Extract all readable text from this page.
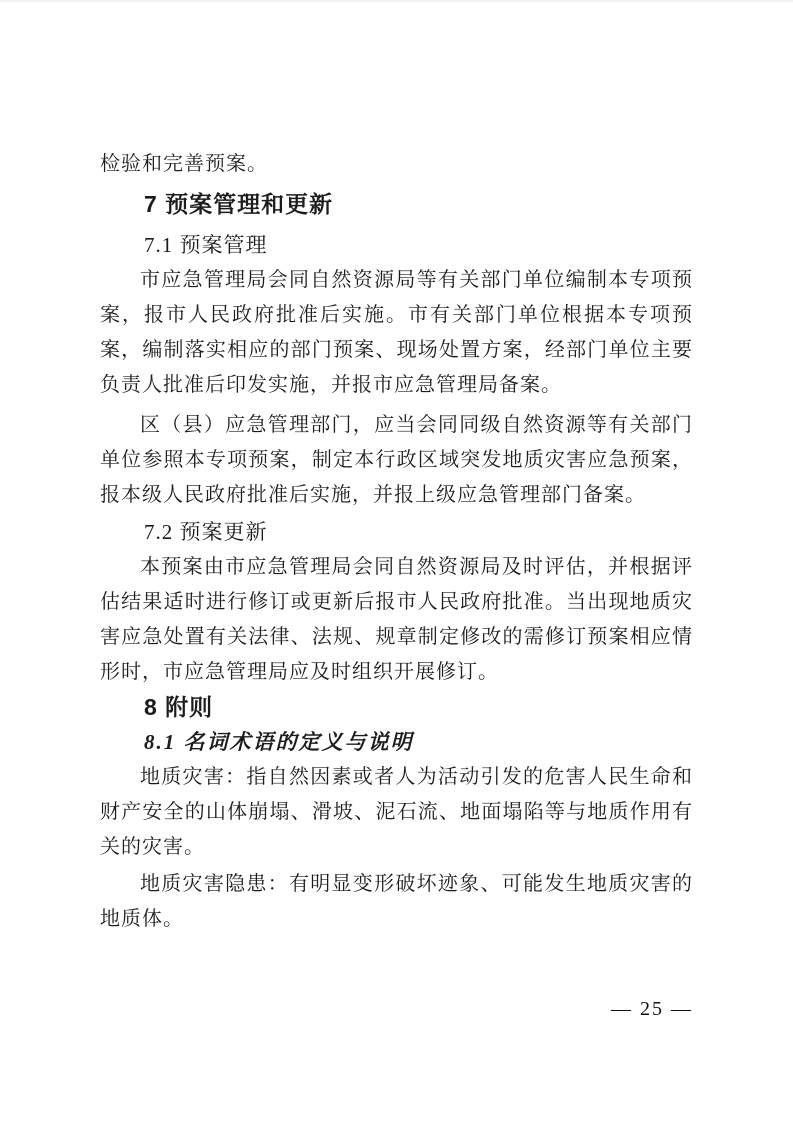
检验和完善预案。

7 预案管理和更新
7.1 预案管理

市应急管理局会同自然资源局等有关部门单位编制本专项预案，报市人民政府批准后实施。市有关部门单位根据本专项预案，编制落实相应的部门预案、现场处置方案，经部门单位主要负责人批准后印发实施，并报市应急管理局备案。

区（县）应急管理部门，应当会同同级自然资源等有关部门单位参照本专项预案，制定本行政区域突发地质灾害应急预案，报本级人民政府批准后实施，并报上级应急管理部门备案。

7.2 预案更新

本预案由市应急管理局会同自然资源局及时评估，并根据评估结果适时进行修订或更新后报市人民政府批准。当出现地质灾害应急处置有关法律、法规、规章制定修改的需修订预案相应情形时，市应急管理局应及时组织开展修订。

8 附则
8.1 名词术语的定义与说明

地质灾害：指自然因素或者人为活动引发的危害人民生命和财产安全的山体崩塌、滑坡、泥石流、地面塌陷等与地质作用有关的灾害。

地质灾害隐患：有明显变形破坏迹象、可能发生地质灾害的地质体。

— 25 —
